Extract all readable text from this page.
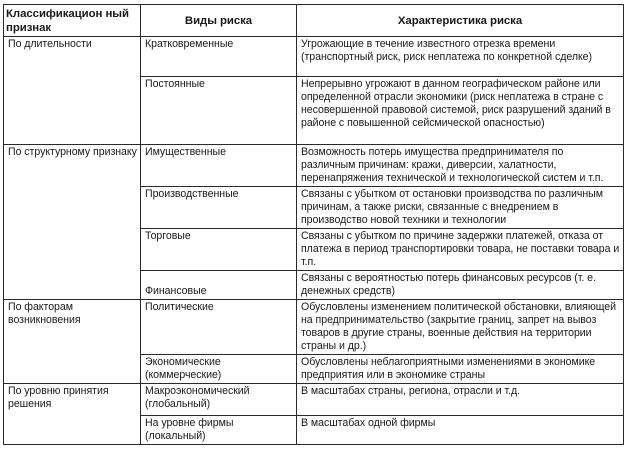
Классификацион ный признак	Виды риска	Характеристика риска
По длительности	Кратковременные	Угрожающие в течение известного отрезка времени (транспортный риск, риск неплатежа по конкретной сделке)
	Постоянные	Непрерывно угрожают в данном географическом районе или определенной отрасли экономики (риск неплатежа в стране с несовершенной правовой системой, риск разрушений зданий в районе с повышенной сейсмической опасностью)
По структурному признаку	Имущественные	Возможность потерь имущества предпринимателя по различным причинам: кражи, диверсии, халатности, перенапряжения технической и технологической систем и т.п.
	Производственные	Связаны с убытком от остановки производства по различным причинам, а также риски, связанные с внедрением в производство новой техники и технологии
	Торговые	Связаны с убытком по причине задержки платежей, отказа от платежа в период транспортировки товара, не поставки товара и т.п.
	Финансовые	Связаны с вероятностью потерь финансовых ресурсов (т. е. денежных средств)
По факторам возникновения	Политические	Обусловлены изменением политической обстановки, влияющей на предпринимательство (закрытие границ, запрет на вывоз товаров в другие страны, военные действия на территории страны и др.)
	Экономические (коммерческие)	Обусловлены неблагоприятными изменениями в экономике предприятия или в экономике страны
По уровню принятия решения	Макроэкономический (глобальный)	В масштабах страны, региона, отрасли и т.д.
	На уровне фирмы (локальный)	В масштабах одной фирмы
